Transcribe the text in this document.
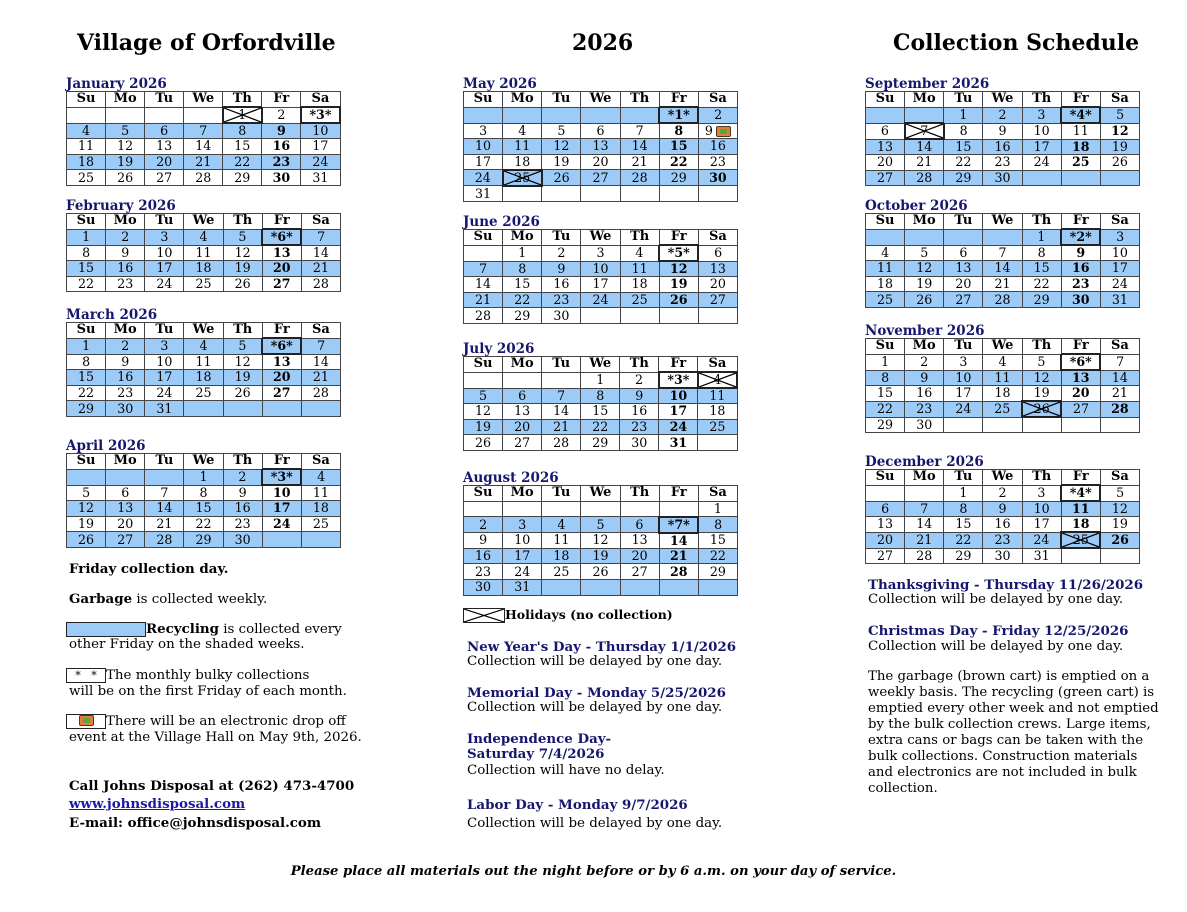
Village of Orfordville	2026	Collection Schedule
January 2026
Su	Mo	Tu	We	Th	Fr	Sa
				1	2	*3*
4	5	6	7	8	9	10
11	12	13	14	15	16	17
18	19	20	21	22	23	24
25	26	27	28	29	30	31
February 2026
Su	Mo	Tu	We	Th	Fr	Sa
1	2	3	4	5	*6*	7
8	9	10	11	12	13	14
15	16	17	18	19	20	21
22	23	24	25	26	27	28
March 2026
Su	Mo	Tu	We	Th	Fr	Sa
1	2	3	4	5	*6*	7
8	9	10	11	12	13	14
15	16	17	18	19	20	21
22	23	24	25	26	27	28
29	30	31				
April 2026
Su	Mo	Tu	We	Th	Fr	Sa
			1	2	*3*	4
5	6	7	8	9	10	11
12	13	14	15	16	17	18
19	20	21	22	23	24	25
26	27	28	29	30		
May 2026
Su	Mo	Tu	We	Th	Fr	Sa
					*1*	2
3	4	5	6	7	8	9
10	11	12	13	14	15	16
17	18	19	20	21	22	23
24	25	26	27	28	29	30
31						
June 2026
Su	Mo	Tu	We	Th	Fr	Sa
	1	2	3	4	*5*	6
7	8	9	10	11	12	13
14	15	16	17	18	19	20
21	22	23	24	25	26	27
28	29	30				
July 2026
Su	Mo	Tu	We	Th	Fr	Sa
			1	2	*3*	4

5	6	7	8	9	10	11
12	13	14	15	16	17	18
19	20	21	22	23	24	25
26	27	28	29	30	31	
August 2026
Su	Mo	Tu	We	Th	Fr	Sa
						1
2	3	4	5	6	*7*	8
9	10	11	12	13	14	15
16	17	18	19	20	21	22
23	24	25	26	27	28	29
30	31					
September 2026
Su	Mo	Tu	We	Th	Fr	Sa
		1	2	3	*4*	5
6	7	8	9	10	11	12
13	14	15	16	17	18	19
20	21	22	23	24	25	26
27	28	29	30			
October 2026
Su	Mo	Tu	We	Th	Fr	Sa
				1	*2*	3
4	5	6	7	8	9	10
11	12	13	14	15	16	17
18	19	20	21	22	23	24
25	26	27	28	29	30	31
November 2026
Su	Mo	Tu	We	Th	Fr	Sa
1	2	3	4	5	*6*	7
8	9	10	11	12	13	14
15	16	17	18	19	20	21
22	23	24	25	26	27	28
29	30					
December 2026
Su	Mo	Tu	We	Th	Fr	Sa
		1	2	3	*4*	5
6	7	8	9	10	11	12
13	14	15	16	17	18	19
20	21	22	23	24	25	26
27	28	29	30	31		
Friday collection day.
Garbage is collected weekly.
Recycling is collected every
other Friday on the shaded weeks.
*   * The monthly bulky collections
will be on the first Friday of each month.
There will be an electronic drop off
event at the Village Hall on May 9th, 2026.
Call Johns Disposal at (262) 473-4700
www.johnsdisposal.com
E-mail: office@johnsdisposal.com
Holidays (no collection)
New Year's Day - Thursday 1/1/2026
Collection will be delayed by one day.
Memorial Day - Monday 5/25/2026
Collection will be delayed by one day.
Independence Day-
Saturday 7/4/2026
Collection will have no delay.
Labor Day - Monday 9/7/2026
Collection will be delayed by one day.
Thanksgiving - Thursday 11/26/2026
Collection will be delayed by one day.
Christmas Day - Friday 12/25/2026
Collection will be delayed by one day.
The garbage (brown cart) is emptied on a
weekly basis. The recycling (green cart) is
emptied every other week and not emptied
by the bulk collection crews. Large items,
extra cans or bags can be taken with the
bulk collections. Construction materials
and electronics are not included in bulk
collection.
Please place all materials out the night before or by 6 a.m. on your day of service.
